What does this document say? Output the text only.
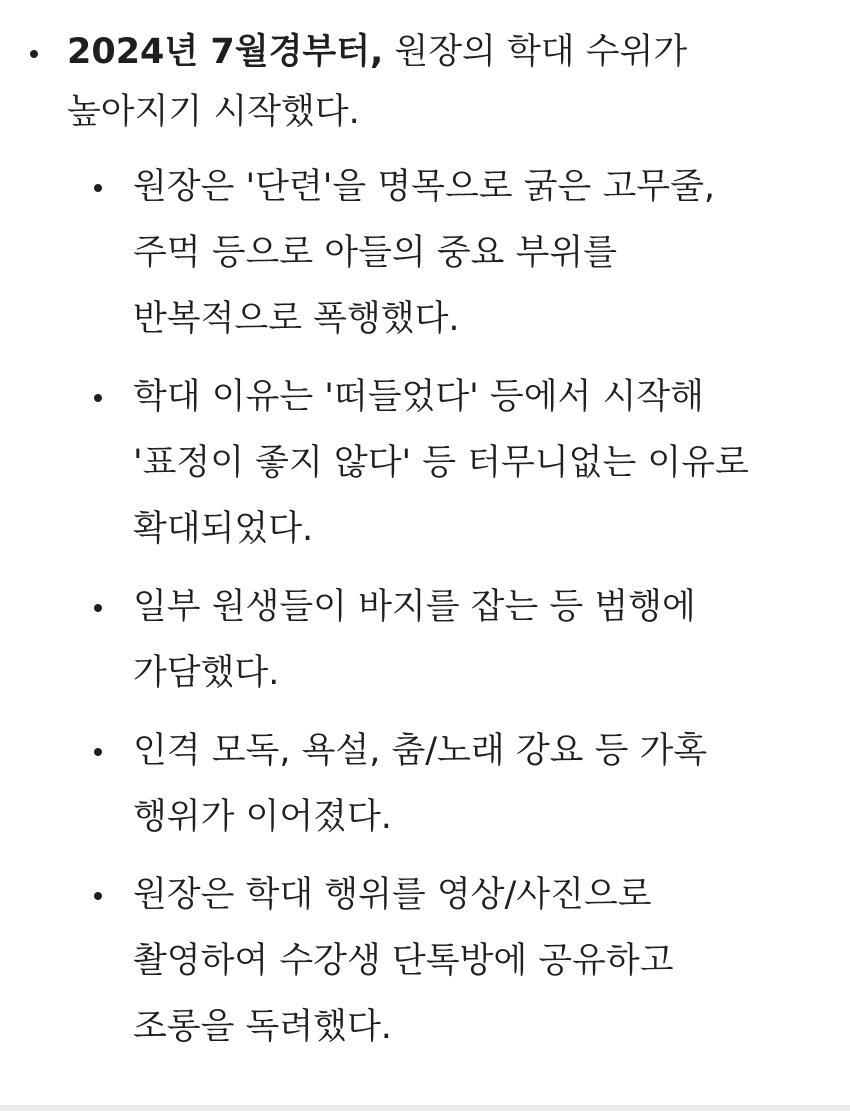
2024년 7월경부터, 원장의 학대 수위가
높아지기 시작했다.
원장은 '단련'을 명목으로 굵은 고무줄,
주먹 등으로 아들의 중요 부위를
반복적으로 폭행했다.
학대 이유는 '떠들었다' 등에서 시작해
'표정이 좋지 않다' 등 터무니없는 이유로
확대되었다.
일부 원생들이 바지를 잡는 등 범행에
가담했다.
인격 모독, 욕설, 춤/노래 강요 등 가혹
행위가 이어졌다.
원장은 학대 행위를 영상/사진으로
촬영하여 수강생 단톡방에 공유하고
조롱을 독려했다.
